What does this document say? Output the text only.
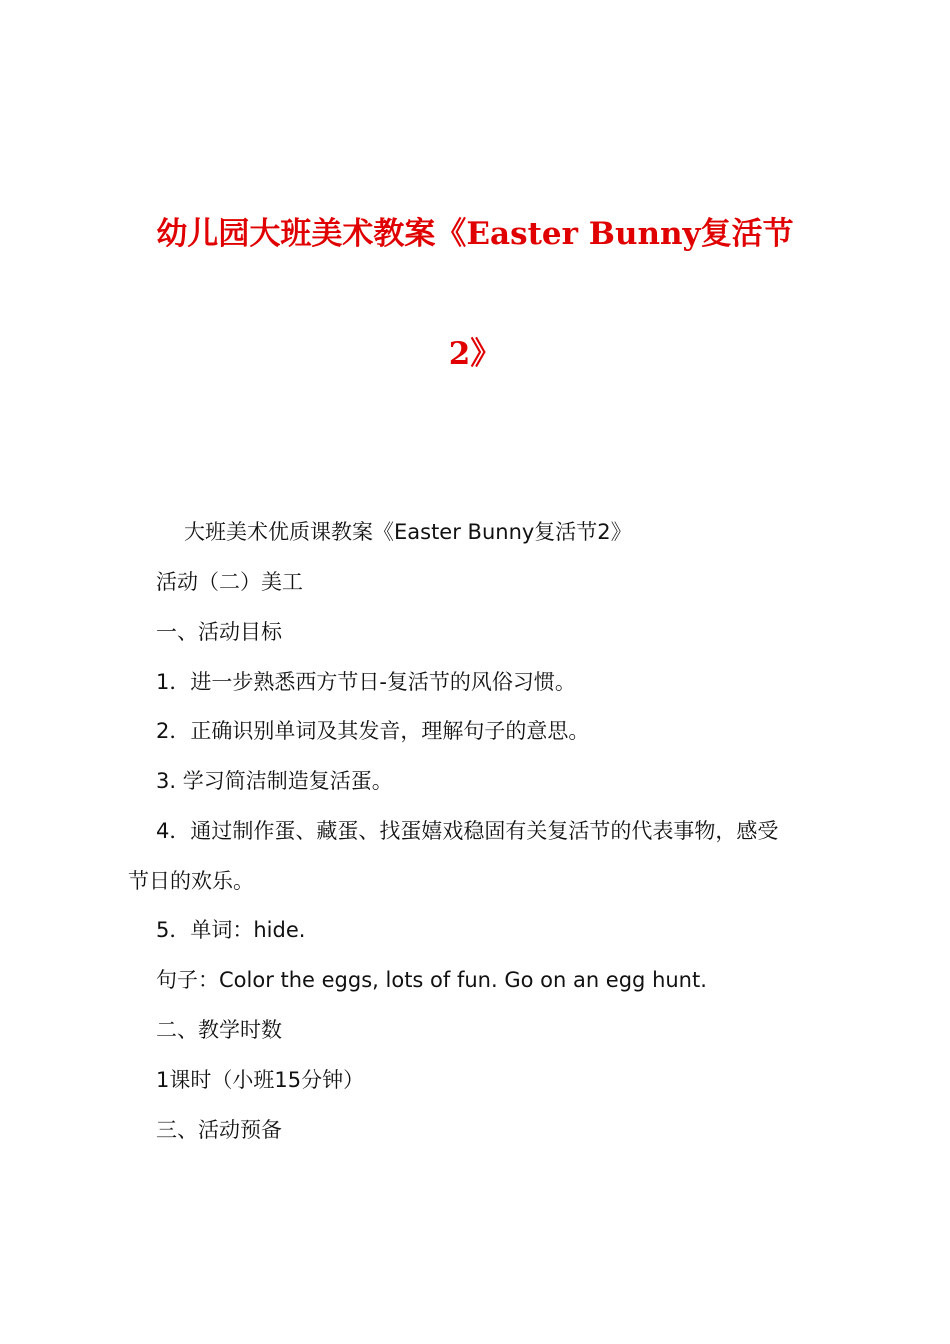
幼儿园大班美术教案《Easter Bunny复活节
2》

大班美术优质课教案《Easter Bunny复活节2》

活动（二）美工

一、活动目标

1．进一步熟悉西方节日-复活节的风俗习惯。

2．正确识别单词及其发音，理解句子的意思。

3. 学习简洁制造复活蛋。

4．通过制作蛋、藏蛋、找蛋嬉戏稳固有关复活节的代表事物，感受

节日的欢乐。

5．单词：hide.

句子：Color the eggs, lots of fun. Go on an egg hunt.

二、教学时数

1课时（小班15分钟）

三、活动预备
